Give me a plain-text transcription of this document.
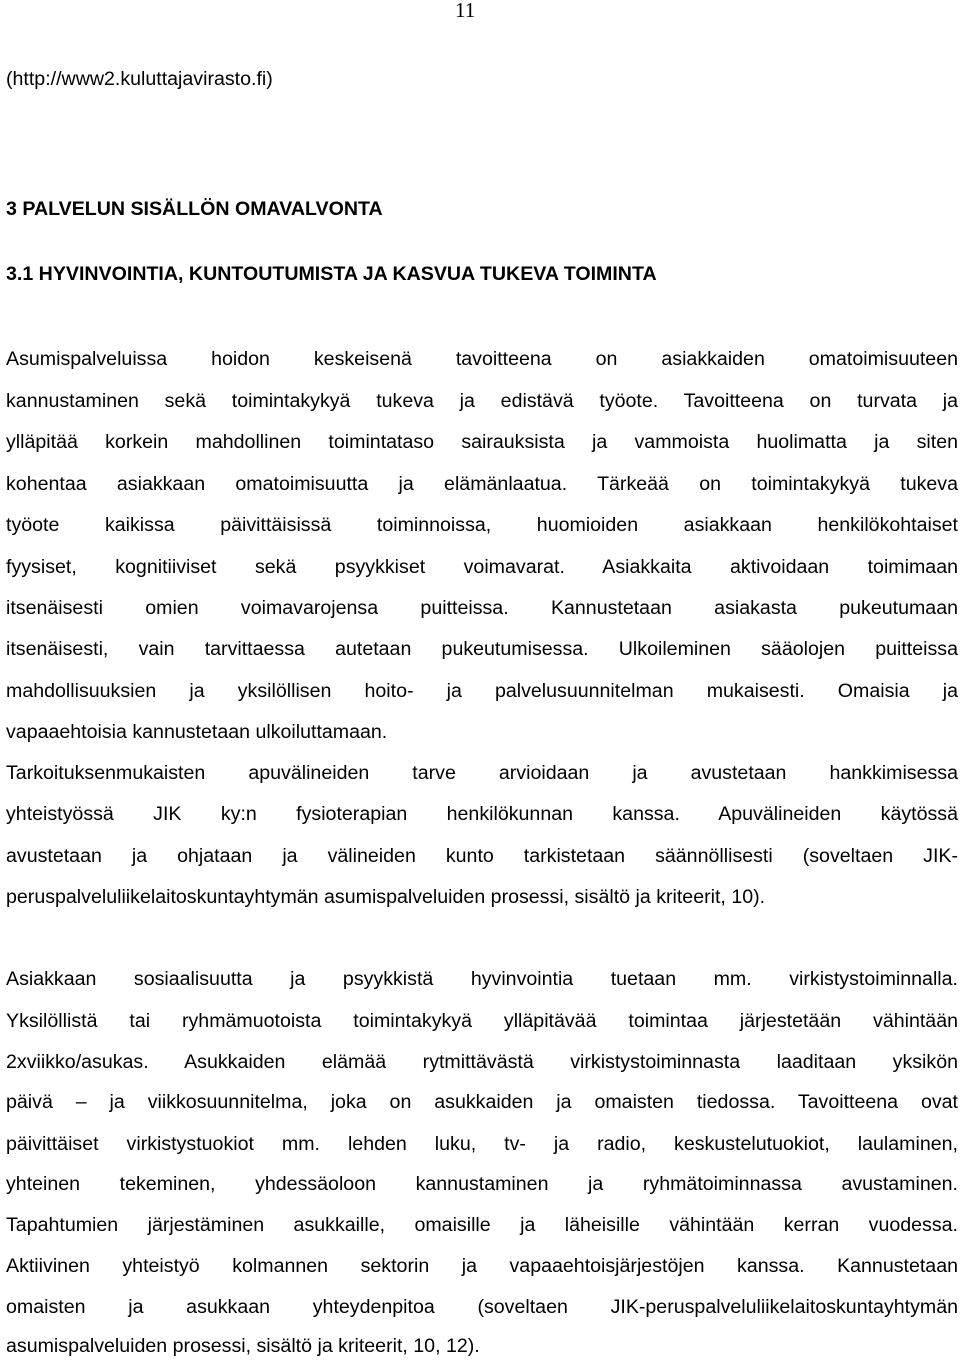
11
(http://www2.kuluttajavirasto.fi)
3 PALVELUN SISÄLLÖN OMAVALVONTA
3.1 HYVINVOINTIA, KUNTOUTUMISTA JA KASVUA TUKEVA TOIMINTA
Asumispalveluissa hoidon keskeisenä tavoitteena on asiakkaiden omatoimisuuteen
kannustaminen sekä toimintakykyä tukeva ja edistävä työote. Tavoitteena on turvata ja
ylläpitää korkein mahdollinen toimintataso sairauksista ja vammoista huolimatta ja siten
kohentaa asiakkaan omatoimisuutta ja elämänlaatua. Tärkeää on toimintakykyä tukeva
työote kaikissa päivittäisissä toiminnoissa, huomioiden asiakkaan henkilökohtaiset
fyysiset, kognitiiviset sekä psyykkiset voimavarat. Asiakkaita aktivoidaan toimimaan
itsenäisesti omien voimavarojensa puitteissa. Kannustetaan asiakasta pukeutumaan
itsenäisesti, vain tarvittaessa autetaan pukeutumisessa. Ulkoileminen sääolojen puitteissa
mahdollisuuksien ja yksilöllisen hoito- ja palvelusuunnitelman mukaisesti. Omaisia ja
vapaaehtoisia kannustetaan ulkoiluttamaan.
Tarkoituksenmukaisten apuvälineiden tarve arvioidaan ja avustetaan hankkimisessa
yhteistyössä JIK ky:n fysioterapian henkilökunnan kanssa. Apuvälineiden käytössä
avustetaan ja ohjataan ja välineiden kunto tarkistetaan säännöllisesti (soveltaen JIK-
peruspalveluliikelaitoskuntayhtymän asumispalveluiden prosessi, sisältö ja kriteerit, 10).
Asiakkaan sosiaalisuutta ja psyykkistä hyvinvointia tuetaan mm. virkistystoiminnalla.
Yksilöllistä tai ryhmämuotoista toimintakykyä ylläpitävää toimintaa järjestetään vähintään
2xviikko/asukas. Asukkaiden elämää rytmittävästä virkistystoiminnasta laaditaan yksikön
päivä – ja viikkosuunnitelma, joka on asukkaiden ja omaisten tiedossa. Tavoitteena ovat
päivittäiset virkistystuokiot mm. lehden luku, tv- ja radio, keskustelutuokiot, laulaminen,
yhteinen tekeminen, yhdessäoloon kannustaminen ja ryhmätoiminnassa avustaminen.
Tapahtumien järjestäminen asukkaille, omaisille ja läheisille vähintään kerran vuodessa.
Aktiivinen yhteistyö kolmannen sektorin ja vapaaehtoisjärjestöjen kanssa. Kannustetaan
omaisten ja asukkaan yhteydenpitoa (soveltaen JIK-peruspalveluliikelaitoskuntayhtymän
asumispalveluiden prosessi, sisältö ja kriteerit, 10, 12).
